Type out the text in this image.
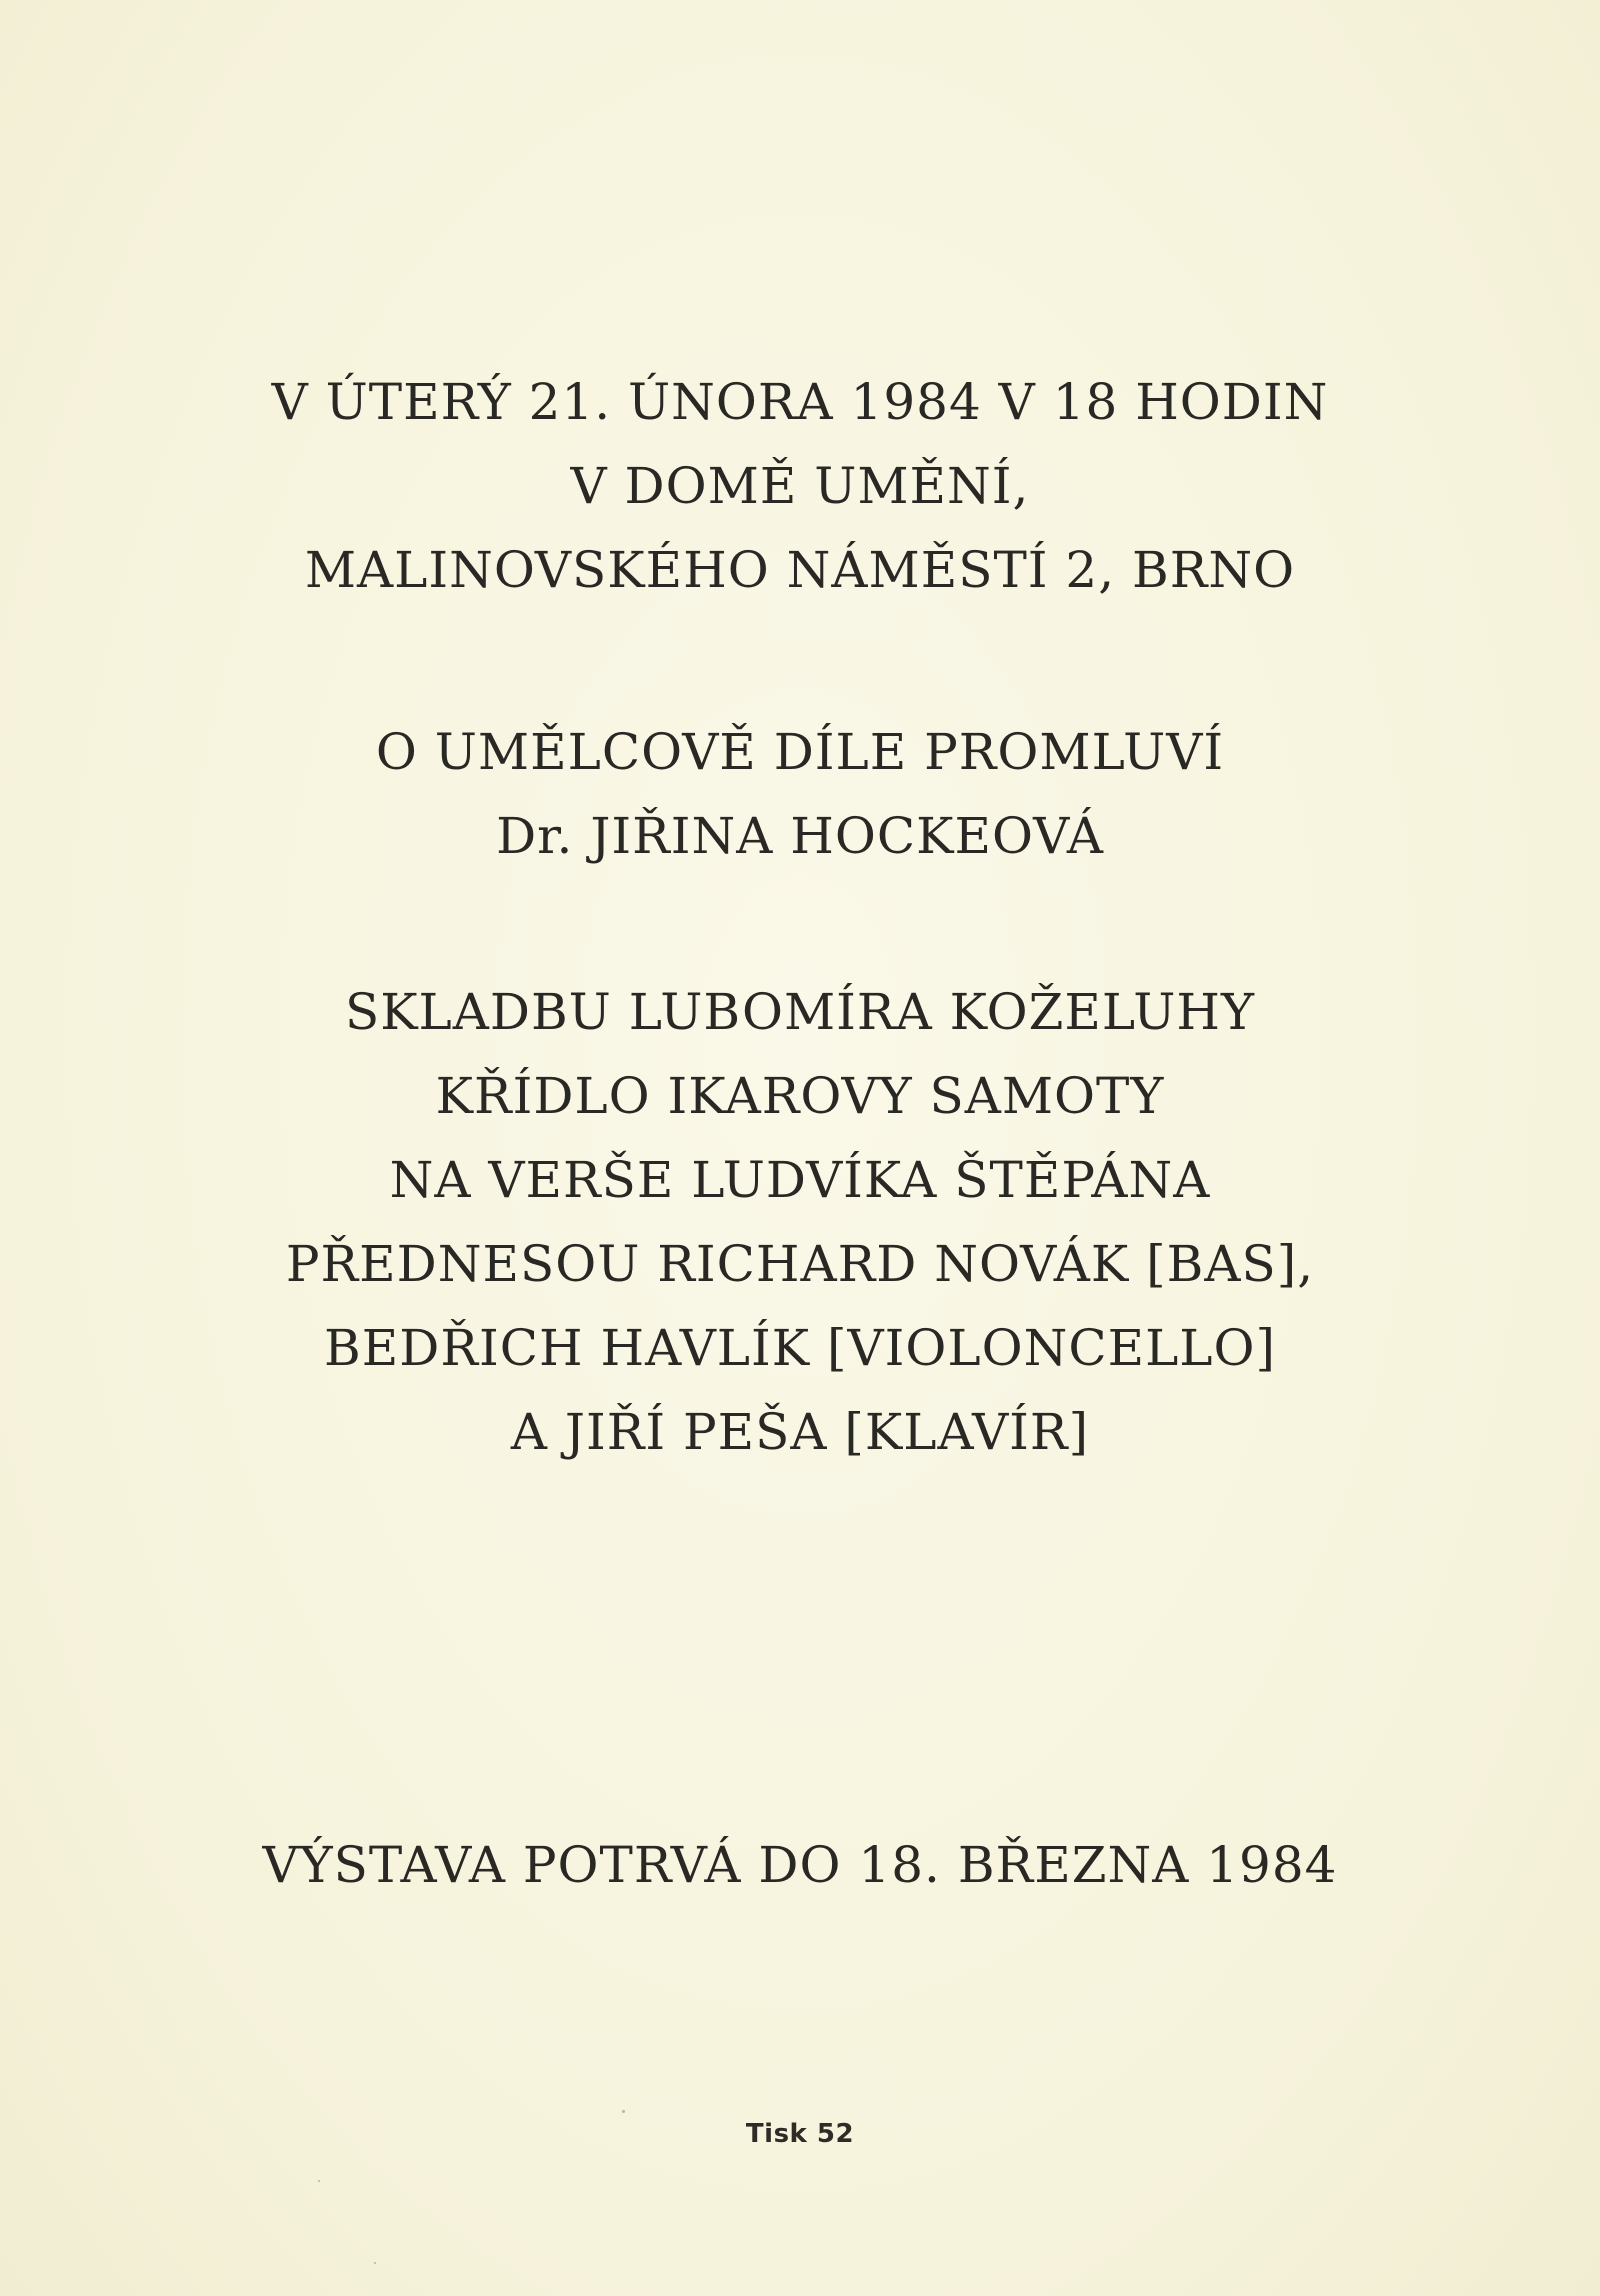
V ÚTERÝ 21. ÚNORA 1984 V 18 HODIN

V DOMĚ UMĚNÍ,

MALINOVSKÉHO NÁMĚSTÍ 2, BRNO

O UMĚLCOVĚ DÍLE PROMLUVÍ

Dr. JIŘINA HOCKEOVÁ

SKLADBU LUBOMÍRA KOŽELUHY

KŘÍDLO IKAROVY SAMOTY

NA VERŠE LUDVÍKA ŠTĚPÁNA

PŘEDNESOU RICHARD NOVÁK [BAS],

BEDŘICH HAVLÍK [VIOLONCELLO]

A JIŘÍ PEŠA [KLAVÍR]

VÝSTAVA POTRVÁ DO 18. BŘEZNA 1984

Tisk 52
